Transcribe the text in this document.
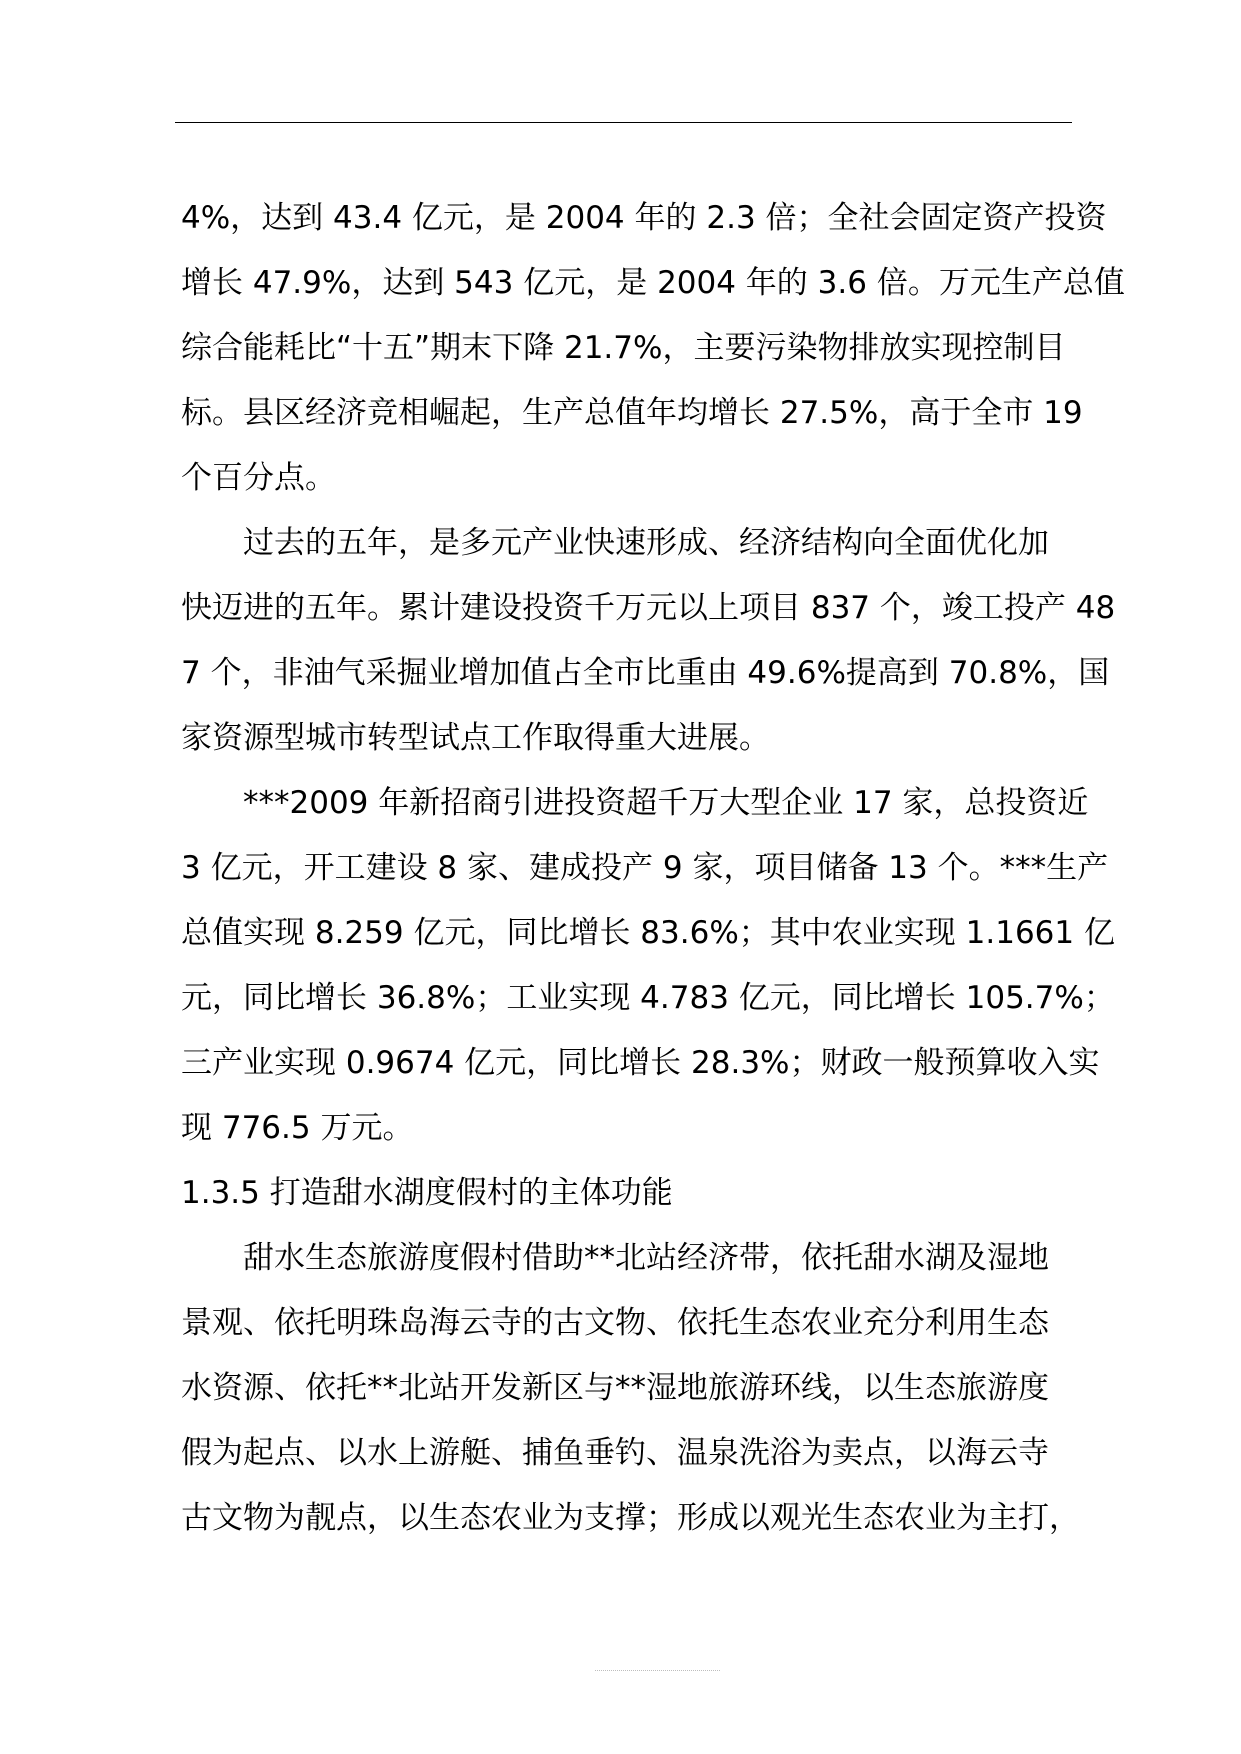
4%，达到 43.4 亿元，是 2004 年的 2.3 倍；全社会固定资产投资
增长 47.9%，达到 543 亿元，是 2004 年的 3.6 倍。万元生产总值
综合能耗比“十五”期末下降 21.7%，主要污染物排放实现控制目
标。县区经济竞相崛起，生产总值年均增长 27.5%，高于全市 19
个百分点。
过去的五年，是多元产业快速形成、经济结构向全面优化加
快迈进的五年。累计建设投资千万元以上项目 837 个，竣工投产 48
7 个，非油气采掘业增加值占全市比重由 49.6%提高到 70.8%，国
家资源型城市转型试点工作取得重大进展。
***2009 年新招商引进投资超千万大型企业 17 家，总投资近
3 亿元，开工建设 8 家、建成投产 9 家，项目储备 13 个。***生产
总值实现 8.259 亿元，同比增长 83.6%；其中农业实现 1.1661 亿
元，同比增长 36.8%；工业实现 4.783 亿元，同比增长 105.7%；
三产业实现 0.9674 亿元，同比增长 28.3%；财政一般预算收入实
现 776.5 万元。
1.3.5 打造甜水湖度假村的主体功能
甜水生态旅游度假村借助**北站经济带，依托甜水湖及湿地
景观、依托明珠岛海云寺的古文物、依托生态农业充分利用生态
水资源、依托**北站开发新区与**湿地旅游环线，以生态旅游度
假为起点、以水上游艇、捕鱼垂钓、温泉洗浴为卖点，以海云寺
古文物为靓点，以生态农业为支撑；形成以观光生态农业为主打，
